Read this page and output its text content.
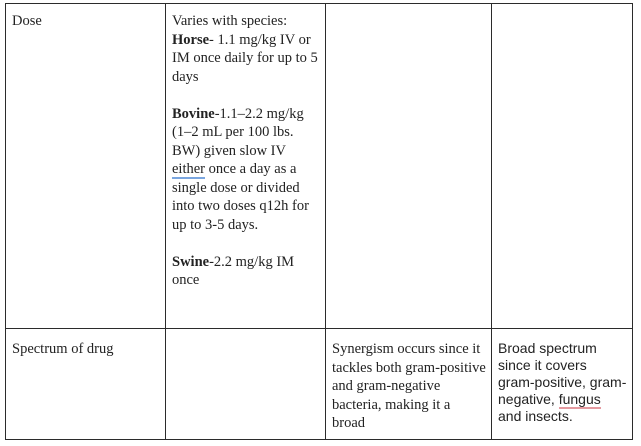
Dose	Varies with species:
Horse- 1.1 mg/kg IV or IM once daily for up to 5 days

Bovine-1.1–2.2 mg/kg (1–2 mL per 100 lbs. BW) given slow IV either once a day as a single dose or divided into two doses q12h for up to 3-5 days.

Swine-2.2 mg/kg IM once		

Spectrum of drug		Synergism occurs since it tackles both gram-positive and gram-negative bacteria, making it a broad	Broad spectrum since it covers gram-positive, gram-negative, fungus and insects.
